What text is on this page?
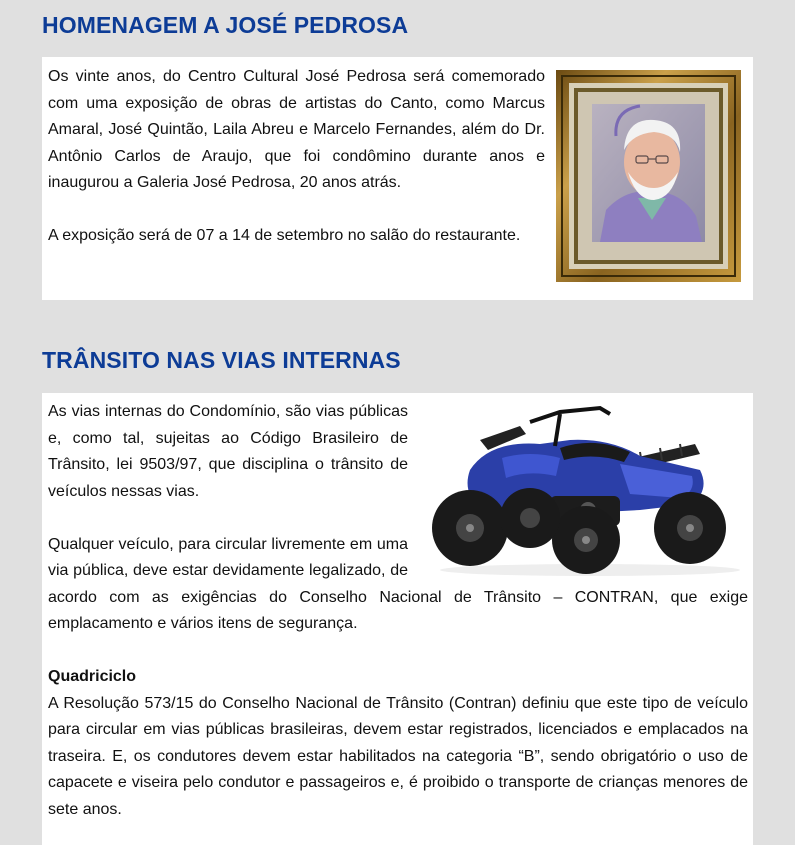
HOMENAGEM A JOSÉ PEDROSA

Os vinte anos, do Centro Cultural José Pedrosa será comemorado com uma exposição de obras de artistas do Canto, como Marcus Amaral, José Quintão, Laila Abreu e Marcelo Fernandes, além do Dr. Antônio Carlos de Araujo, que foi condômino durante anos e inaugurou a Galeria José Pedrosa, 20 anos atrás.

A exposição será de 07 a 14 de setembro no salão do restaurante.

TRÂNSITO NAS VIAS INTERNAS

As vias internas do Condomínio, são vias públicas e, como tal, sujeitas ao Código Brasileiro de Trânsito, lei 9503/97, que disciplina o trânsito de veículos nessas vias.

Qualquer veículo, para circular livremente em uma via pública, deve estar devidamente legalizado, de acordo com as exigências do Conselho Nacional de Trânsito – CONTRAN, que exige emplacamento e vários itens de segurança.

Quadriciclo

A Resolução 573/15 do Conselho Nacional de Trânsito (Contran) definiu que este tipo de veículo para circular em vias públicas brasileiras, devem estar registrados, licenciados e emplacados na traseira. E, os condutores devem estar habilitados na categoria “B”, sendo obrigatório o uso de capacete e viseira pelo condutor e passageiros e, é proibido o transporte de crianças menores de sete anos.
